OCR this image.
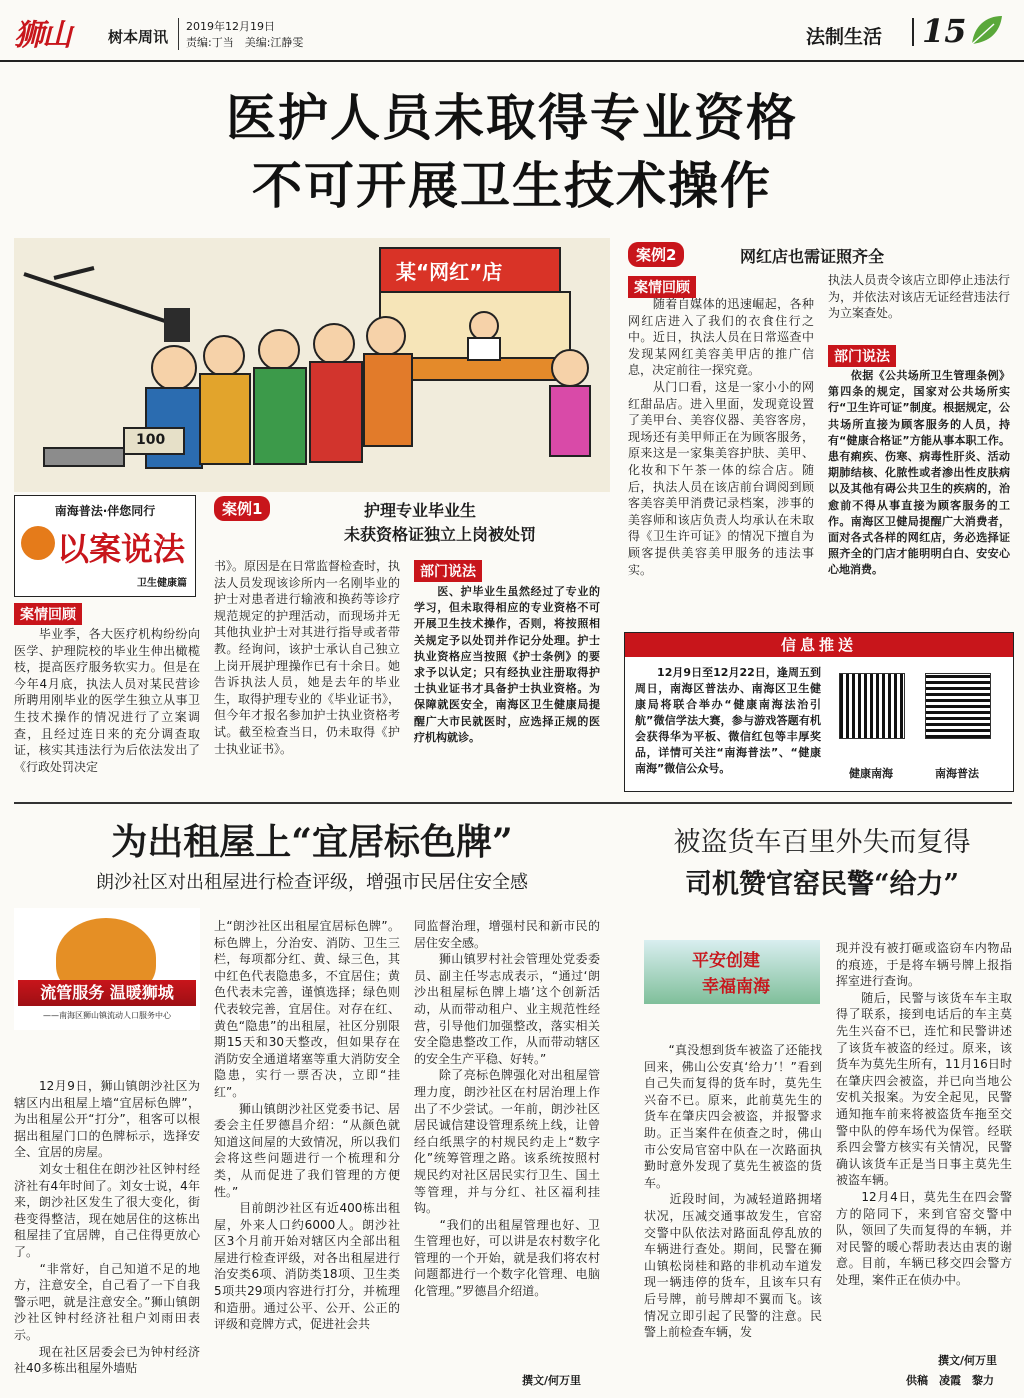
狮山	树本周讯
2019年12月19日
责编:丁当　美编:江静雯	法制生活 15
医护人员未取得专业资格
不可开展卫生技术操作
某“网红”店
100
南海普法·伴您同行
以案说法
卫生健康篇
案例1	护理专业毕业生
未获资格证独立上岗被处罚
案情回顾
　　毕业季，各大医疗机构纷纷向医学、护理院校的毕业生伸出橄榄枝，提高医疗服务软实力。但是在今年4月底，执法人员对某民营诊所聘用刚毕业的医学生独立从事卫生技术操作的情况进行了立案调查，且经过连日来的充分调查取证，核实其违法行为后依法发出了《行政处罚决定
书》。原因是在日常监督检查时，执法人员发现该诊所内一名刚毕业的护士对患者进行输液和换药等诊疗规范规定的护理活动，而现场并无其他执业护士对其进行指导或者带教。经询问，该护士承认自己独立上岗开展护理操作已有十余日。她告诉执法人员，她是去年的毕业生，取得护理专业的《毕业证书》，但今年才报名参加护士执业资格考试。截至检查当日，仍未取得《护士执业证书》。
部门说法
　　医、护毕业生虽然经过了专业的学习，但未取得相应的专业资格不可开展卫生技术操作，否则，将按照相关规定予以处罚并作记分处理。护士执业资格应当按照《护士条例》的要求予以认定；只有经执业注册取得护士执业证书才具备护士执业资格。为保障就医安全，南海区卫生健康局提醒广大市民就医时，应选择正规的医疗机构就诊。
案例2	网红店也需证照齐全
案情回顾
　　随着自媒体的迅速崛起，各种网红店进入了我们的衣食住行之中。近日，执法人员在日常巡查中发现某网红美容美甲店的推广信息，决定前往一探究竟。
　　从门口看，这是一家小小的网红甜品店。进入里面，发现竟设置了美甲台、美容仪器、美容客房，现场还有美甲师正在为顾客服务，原来这是一家集美容护肤、美甲、化妆和下午茶一体的综合店。随后，执法人员在该店前台调阅到顾客美容美甲消费记录档案，涉事的美容师和该店负责人均承认在未取得《卫生许可证》的情况下擅自为顾客提供美容美甲服务的违法事实。
执法人员责令该店立即停止违法行为，并依法对该店无证经营违法行为立案查处。
部门说法
　　依据《公共场所卫生管理条例》第四条的规定，国家对公共场所实行“卫生许可证”制度。根据规定，公共场所直接为顾客服务的人员，持有“健康合格证”方能从事本职工作。患有痢疾、伤寒、病毒性肝炎、活动期肺结核、化脓性或者渗出性皮肤病以及其他有碍公共卫生的疾病的，治愈前不得从事直接为顾客服务的工作。南海区卫健局提醒广大消费者，面对各式各样的网红店，务必选择证照齐全的门店才能明明白白、安安心心地消费。
信息推送
　　12月9日至12月22日，逢周五到周日，南海区普法办、南海区卫生健康局将联合举办“健康南海法治引航”微信学法大赛，参与游戏答题有机会获得华为平板、微信红包等丰厚奖品，详情可关注“南海普法”、“健康南海”微信公众号。	健康南海	南海普法
为出租屋上“宜居标色牌”
朗沙社区对出租屋进行检查评级，增强市民居住安全感
流管服务 温暖狮城
——南海区狮山镇流动人口服务中心
　　12月9日，狮山镇朗沙社区为辖区内出租屋上墙“宜居标色牌”，为出租屋公开“打分”，租客可以根据出租屋门口的色牌标示，选择安全、宜居的房屋。
　　刘女士租住在朗沙社区钟村经济社有4年时间了。刘女士说，4年来，朗沙社区发生了很大变化，街巷变得整洁，现在她居住的这栋出租屋挂了宜居牌，自己住得更放心了。
　　“非常好，自己知道不足的地方，注意安全，自己看了一下自我警示吧，就是注意安全。”狮山镇朗沙社区钟村经济社租户刘雨田表示。
　　现在社区居委会已为钟村经济社40多栋出租屋外墙贴
上“朗沙社区出租屋宜居标色牌”。标色牌上，分治安、消防、卫生三栏，每项都分红、黄、绿三色，其中红色代表隐患多，不宜居住；黄色代表未完善，谨慎选择；绿色则代表较完善，宜居住。对存在红、黄色“隐患”的出租屋，社区分别限期15天和30天整改，但如果存在消防安全通道堵塞等重大消防安全隐患，实行一票否决，立即“挂红”。
　　狮山镇朗沙社区党委书记、居委会主任罗德昌介绍：“从颜色就知道这间屋的大致情况，所以我们会将这些问题进行一个梳理和分类，从而促进了我们管理的方便性。”
　　目前朗沙社区有近400栋出租屋，外来人口约6000人。朗沙社区3个月前开始对辖区内全部出租屋进行检查评级，对各出租屋进行治安类6项、消防类18项、卫生类5项共29项内容进行打分，并梳理和造册。通过公平、公开、公正的评级和竞牌方式，促进社会共
同监督治理，增强村民和新市民的居住安全感。
　　狮山镇罗村社会管理处党委委员、副主任岑志成表示，“通过‘朗沙出租屋标色牌上墙’这个创新活动，从而带动租户、业主规范性经营，引导他们加强整改，落实相关安全隐患整改工作，从而带动辖区的安全生产平稳、好转。”
　　除了亮标色牌强化对出租屋管理力度，朗沙社区在村居治理上作出了不少尝试。一年前，朗沙社区居民诚信建设管理系统上线，让曾经白纸黑字的村规民约走上“数字化”统筹管理之路。该系统按照村规民约对社区居民实行卫生、国土等管理，并与分红、社区福利挂钩。
　　“我们的出租屋管理也好、卫生管理也好，可以讲是农村数字化管理的一个开始，就是我们将农村问题都进行一个数字化管理、电脑化管理。”罗德昌介绍道。
撰文/何万里
被盗货车百里外失而复得
司机赞官窑民警“给力”
平安创建
幸福南海
　　“真没想到货车被盗了还能找回来，佛山公安真‘给力’！”看到自己失而复得的货车时，莫先生兴奋不已。原来，此前莫先生的货车在肇庆四会被盗，并报警求助。正当案件在侦查之时，佛山市公安局官窑中队在一次路面执勤时意外发现了莫先生被盗的货车。
　　近段时间，为减轻道路拥堵状况，压减交通事故发生，官窑交警中队依法对路面乱停乱放的车辆进行查处。期间，民警在狮山镇松岗桂和路的非机动车道发现一辆违停的货车，且该车只有后号牌，前号牌却不翼而飞。该情况立即引起了民警的注意。民警上前检查车辆，发
现并没有被打砸或盗窃车内物品的痕迹，于是将车辆号牌上报指挥室进行查询。
　　随后，民警与该货车车主取得了联系，接到电话后的车主莫先生兴奋不已，连忙和民警讲述了该货车被盗的经过。原来，该货车为莫先生所有，11月16日时在肇庆四会被盗，并已向当地公安机关报案。为安全起见，民警通知拖车前来将被盗货车拖至交警中队的停车场代为保管。经联系四会警方核实有关情况，民警确认该货车正是当日事主莫先生被盗车辆。
　　12月4日，莫先生在四会警方的陪同下，来到官窑交警中队，领回了失而复得的车辆，并对民警的暖心帮助表达由衷的谢意。目前，车辆已移交四会警方处理，案件正在侦办中。
撰文/何万里
供稿　凌霞　黎力
